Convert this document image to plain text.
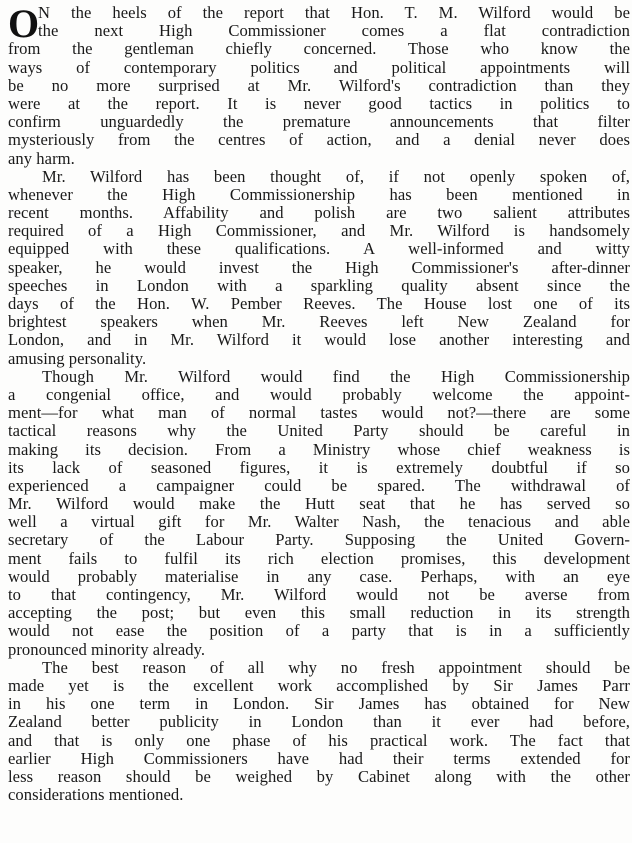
O
N the heels of the report that Hon. T. M. Wilford would be
the next High Commissioner comes a flat contradiction
from the gentleman chiefly concerned. Those who know the
ways of contemporary politics and political appointments will
be no more surprised at Mr. Wilford's contradiction than they
were at the report. It is never good tactics in politics to
confirm unguardedly the premature announcements that filter
mysteriously from the centres of action, and a denial never does
any harm.
Mr. Wilford has been thought of, if not openly spoken of,
whenever the High Commissionership has been mentioned in
recent months. Affability and polish are two salient attributes
required of a High Commissioner, and Mr. Wilford is handsomely
equipped with these qualifications. A well-informed and witty
speaker, he would invest the High Commissioner's after-dinner
speeches in London with a sparkling quality absent since the
days of the Hon. W. Pember Reeves. The House lost one of its
brightest speakers when Mr. Reeves left New Zealand for
London, and in Mr. Wilford it would lose another interesting and
amusing personality.
Though Mr. Wilford would find the High Commissionership
a congenial office, and would probably welcome the appoint-
ment—for what man of normal tastes would not?—there are some
tactical reasons why the United Party should be careful in
making its decision. From a Ministry whose chief weakness is
its lack of seasoned figures, it is extremely doubtful if so
experienced a campaigner could be spared. The withdrawal of
Mr. Wilford would make the Hutt seat that he has served so
well a virtual gift for Mr. Walter Nash, the tenacious and able
secretary of the Labour Party. Supposing the United Govern-
ment fails to fulfil its rich election promises, this development
would probably materialise in any case. Perhaps, with an eye
to that contingency, Mr. Wilford would not be averse from
accepting the post; but even this small reduction in its strength
would not ease the position of a party that is in a sufficiently
pronounced minority already.
The best reason of all why no fresh appointment should be
made yet is the excellent work accomplished by Sir James Parr
in his one term in London. Sir James has obtained for New
Zealand better publicity in London than it ever had before,
and that is only one phase of his practical work. The fact that
earlier High Commissioners have had their terms extended for
less reason should be weighed by Cabinet along with the other
considerations mentioned.
